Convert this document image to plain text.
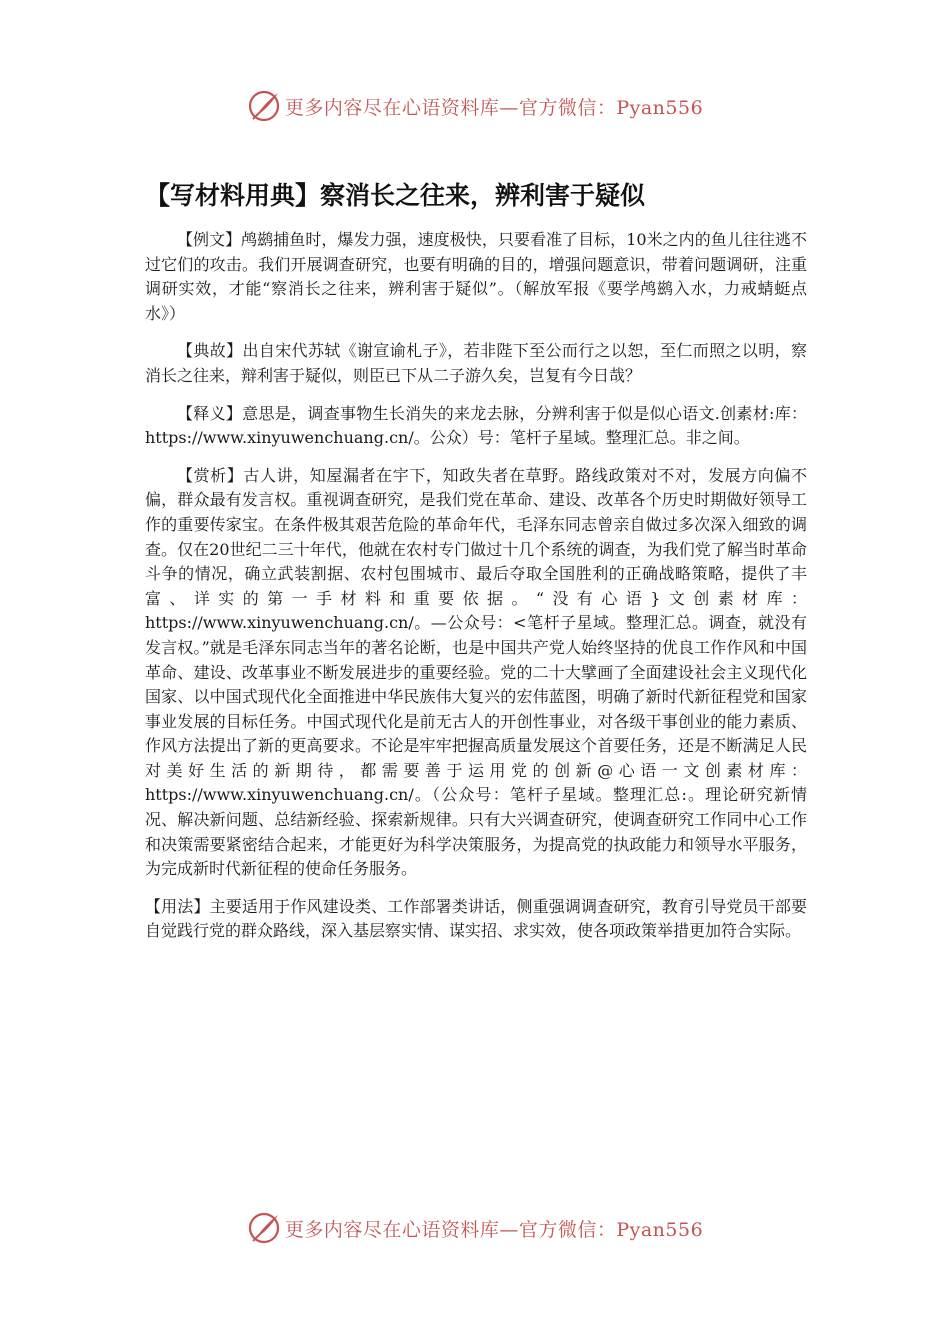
更多内容尽在心语资料库—官方微信：Pyan556
【写材料用典】察消长之往来，辨利害于疑似

【例文】鸬鹚捕鱼时，爆发力强，速度极快，只要看准了目标，10米之内的鱼儿往往逃不过它们的攻击。我们开展调查研究，也要有明确的目的，增强问题意识，带着问题调研，注重调研实效，才能“察消长之往来，辨利害于疑似”。（解放军报《要学鸬鹚入水，力戒蜻蜓点水》）

【典故】出自宋代苏轼《谢宣谕札子》，若非陛下至公而行之以恕，至仁而照之以明，察消长之往来，辩利害于疑似，则臣已下从二子游久矣，岂复有今日哉？

【释义】意思是，调查事物生长消失的来龙去脉，分辨利害于似是似心语文.创素材:库：https://www.xinyuwenchuang.cn/。公众）号：笔杆子星域。整理汇总。非之间。

【赏析】古人讲，知屋漏者在宇下，知政失者在草野。路线政策对不对，发展方向偏不偏，群众最有发言权。重视调查研究，是我们党在革命、建设、改革各个历史时期做好领导工作的重要传家宝。在条件极其艰苦危险的革命年代，毛泽东同志曾亲自做过多次深入细致的调查。仅在20世纪二三十年代，他就在农村专门做过十几个系统的调查，为我们党了解当时革命斗争的情况，确立武装割据、农村包围城市、最后夺取全国胜利的正确战略策略，提供了丰富、详实的第一手材料和重要依据。“没有心语}文创素材库：https://www.xinyuwenchuang.cn/。—公众号：<笔杆子星域。整理汇总。调查，就没有发言权。”就是毛泽东同志当年的著名论断，也是中国共产党人始终坚持的优良工作作风和中国革命、建设、改革事业不断发展进步的重要经验。党的二十大擘画了全面建设社会主义现代化国家、以中国式现代化全面推进中华民族伟大复兴的宏伟蓝图，明确了新时代新征程党和国家事业发展的目标任务。中国式现代化是前无古人的开创性事业，对各级干事创业的能力素质、作风方法提出了新的更高要求。不论是牢牢把握高质量发展这个首要任务，还是不断满足人民对美好生活的新期待，都需要善于运用党的创新@心语一文创素材库：https://www.xinyuwenchuang.cn/。（公众号：笔杆子星域。整理汇总:。理论研究新情况、解决新问题、总结新经验、探索新规律。只有大兴调查研究，使调查研究工作同中心工作和决策需要紧密结合起来，才能更好为科学决策服务，为提高党的执政能力和领导水平服务，为完成新时代新征程的使命任务服务。

【用法】主要适用于作风建设类、工作部署类讲话，侧重强调调查研究，教育引导党员干部要自觉践行党的群众路线，深入基层察实情、谋实招、求实效，使各项政策举措更加符合实际。

更多内容尽在心语资料库—官方微信：Pyan556
